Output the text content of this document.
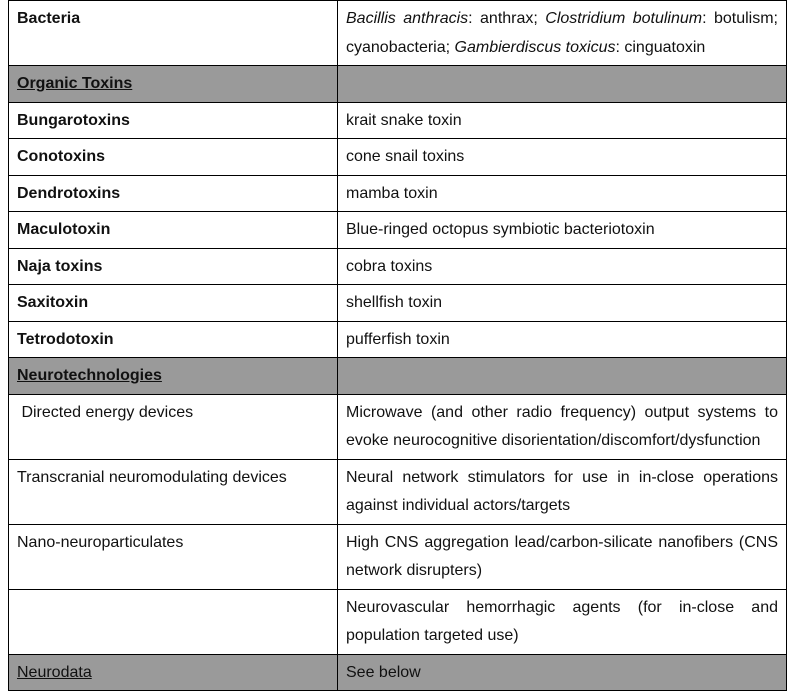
Bacteria	Bacillis anthracis: anthrax; Clostridium botulinum: botulism; cyanobacteria; Gambierdiscus toxicus: cinguatoxin
Organic Toxins	
Bungarotoxins	krait snake toxin
Conotoxins	cone snail toxins
Dendrotoxins	mamba toxin
Maculotoxin	Blue-ringed octopus symbiotic bacteriotoxin
Naja toxins	cobra toxins
Saxitoxin	shellfish toxin
Tetrodotoxin	pufferfish toxin
Neurotechnologies	
Directed energy devices	Microwave (and other radio frequency) output systems to evoke neurocognitive disorientation/discomfort/dysfunction
Transcranial neuromodulating devices	Neural network stimulators for use in in-close operations against individual actors/targets
Nano-neuroparticulates	High CNS aggregation lead/carbon-silicate nanofibers (CNS network disrupters)
	Neurovascular hemorrhagic agents (for in-close and population targeted use)
Neurodata	See below
